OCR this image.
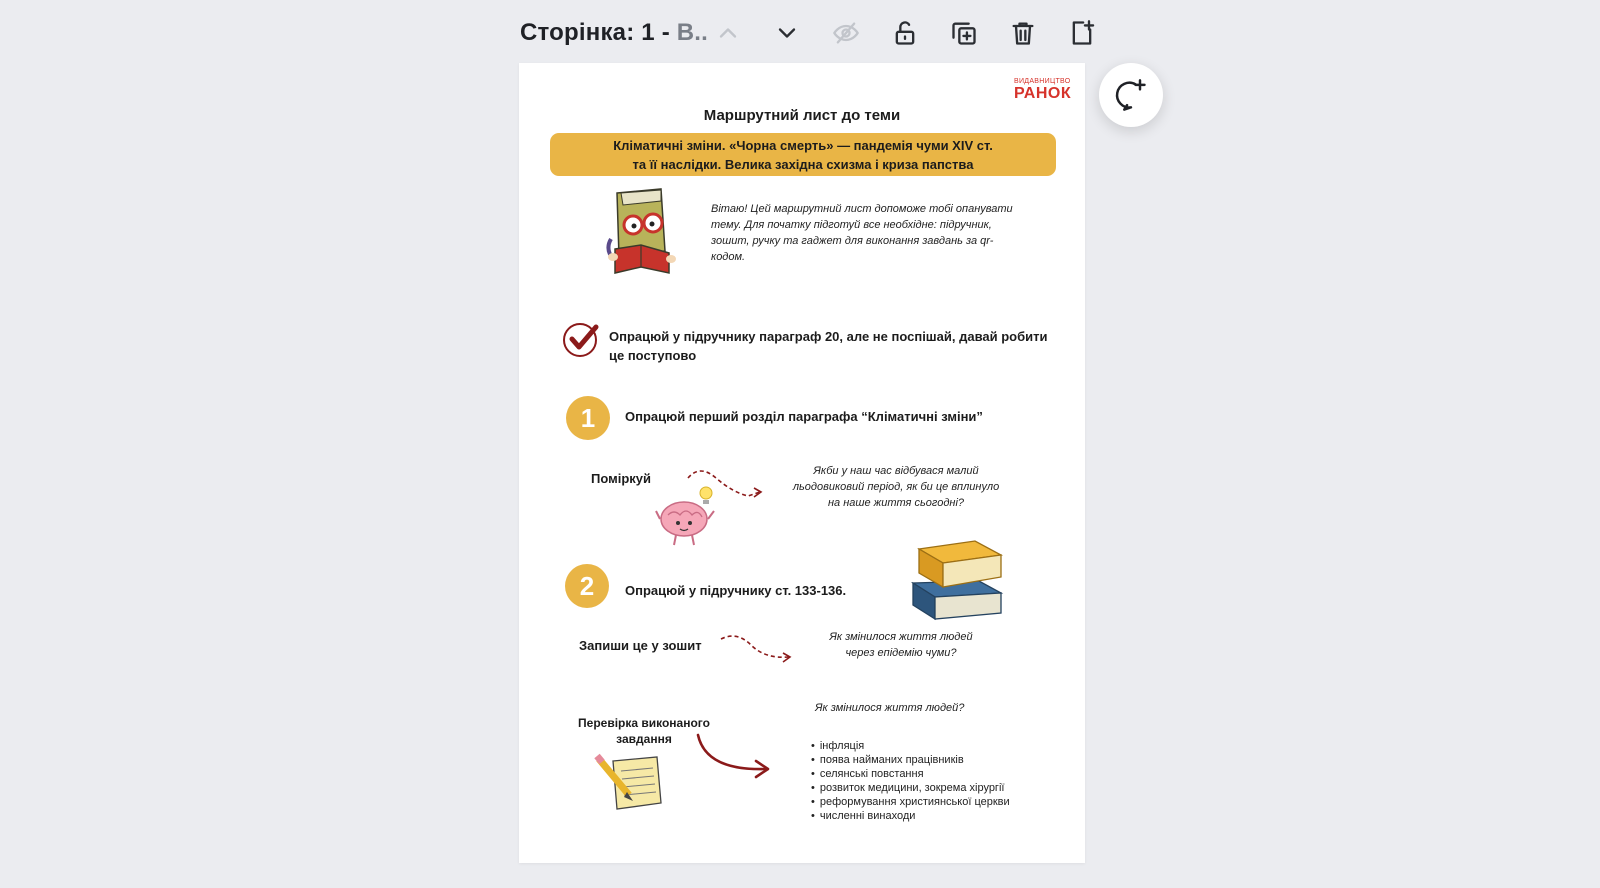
Сторінка: 1 - В..
ВИДАВНИЦТВО
РАНОК
Маршрутний лист до теми
Кліматичні зміни. «Чорна смерть» — пандемія чуми XIV ст.
та її наслідки. Велика західна схизма і криза папства
Вітаю! Цей маршрутний лист допоможе тобі опанувати тему. Для початку підготуй все необхідне: підручник, зошит, ручку та гаджет для виконання завдань за qr-кодом.
Опрацюй у підручнику параграф 20, але не поспішай, давай робити це поступово
1	Опрацюй перший розділ параграфа “Кліматичні зміни”
Поміркуй	Якби у наш час відбувася малий
льодовиковий період, як би це вплинуло
на наше життя сьогодні?
2	Опрацюй у підручнику ст. 133-136.
Запиши це у зошит
Як змінилося життя людей
через епідемію чуми?
Перевірка виконаного
завдання
Як змінилося життя людей?
• інфляція
• поява найманих працівників
• селянські повстання
• розвиток медицини, зокрема хірургії
• реформування християнської церкви
• численні винаходи
